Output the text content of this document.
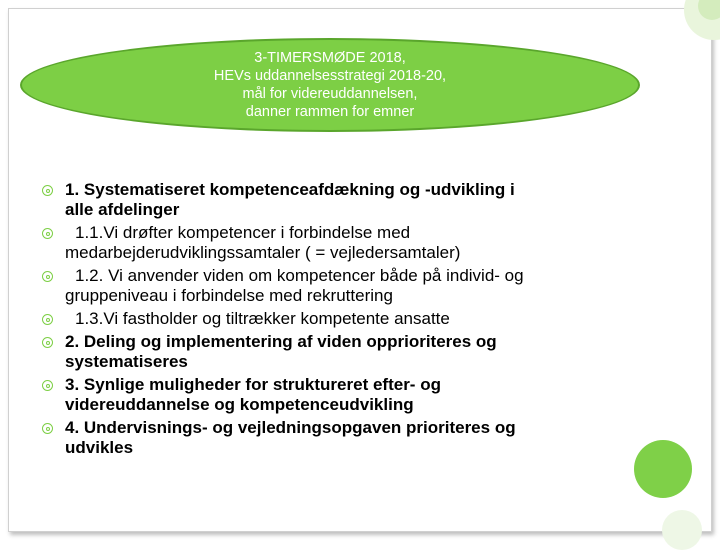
3-TIMERSMØDE 2018,
HEVs uddannelsesstrategi 2018-20,
mål for videreuddannelsen,
danner rammen for emner
1. Systematiseret kompetenceafdækning og -udvikling i
alle afdelinger
1.1.Vi drøfter kompetencer i forbindelse med
medarbejderudviklingssamtaler ( = vejledersamtaler)
1.2. Vi anvender viden om kompetencer både på individ- og
gruppeniveau i forbindelse med rekruttering
1.3.Vi fastholder og tiltrækker kompetente ansatte
2. Deling og implementering af viden opprioriteres og
systematiseres
3. Synlige muligheder for struktureret efter- og
videreuddannelse og kompetenceudvikling
4. Undervisnings- og vejledningsopgaven prioriteres og
udvikles
